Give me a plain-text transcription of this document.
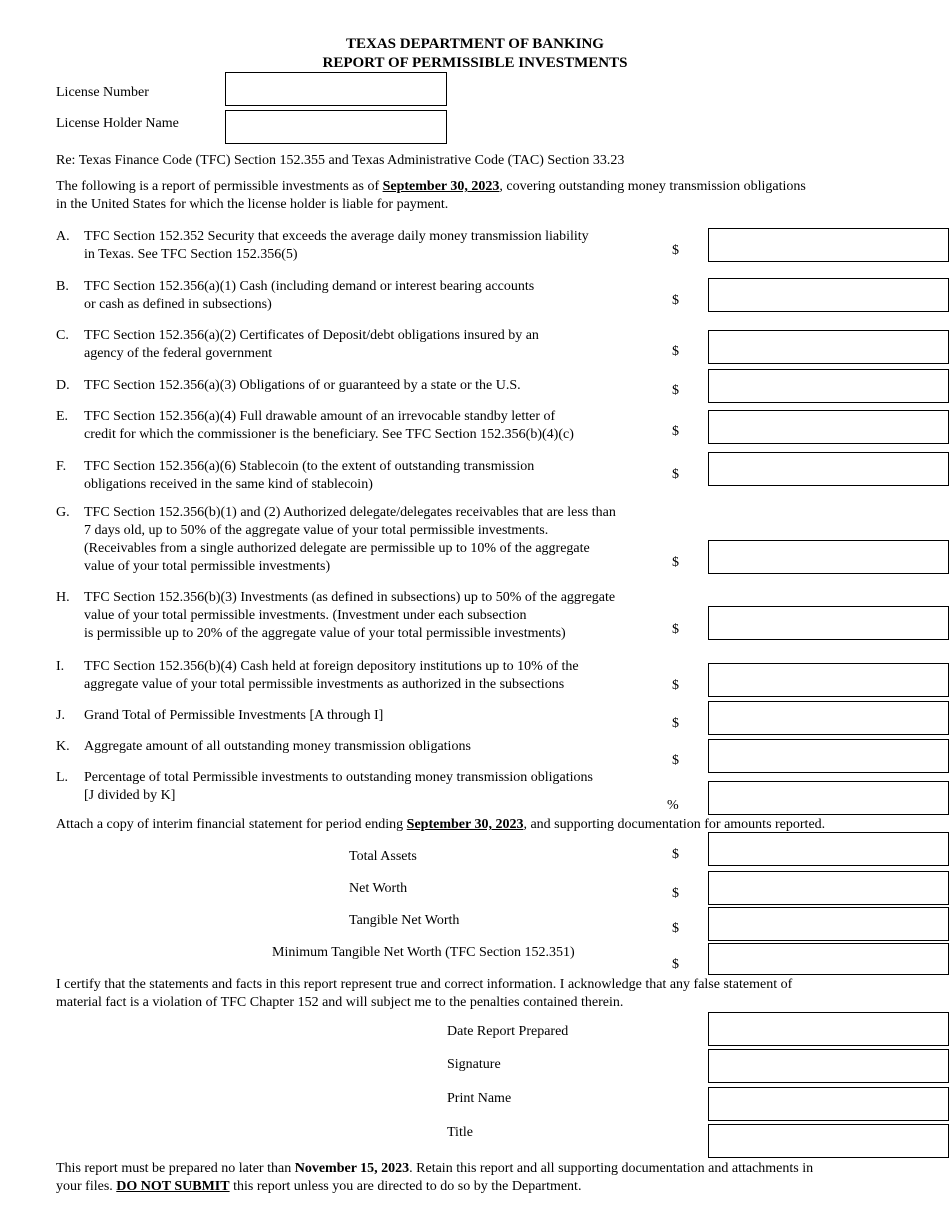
TEXAS DEPARTMENT OF BANKING
REPORT OF PERMISSIBLE INVESTMENTS
License Number
License Holder Name
Re: Texas Finance Code (TFC) Section 152.355 and Texas Administrative Code (TAC) Section 33.23
The following is a report of permissible investments as of September 30, 2023, covering outstanding money transmission obligations
in the United States for which the license holder is liable for payment.
A. TFC Section 152.352 Security that exceeds the average daily money transmission liability
in Texas. See TFC Section 152.356(5)	$
B. TFC Section 152.356(a)(1) Cash (including demand or interest bearing accounts
or cash as defined in subsections)	$
C. TFC Section 152.356(a)(2) Certificates of Deposit/debt obligations insured by an
agency of the federal government	$
D. TFC Section 152.356(a)(3) Obligations of or guaranteed by a state or the U.S.	$
E. TFC Section 152.356(a)(4) Full drawable amount of an irrevocable standby letter of
credit for which the commissioner is the beneficiary. See TFC Section 152.356(b)(4)(c)	$
F. TFC Section 152.356(a)(6) Stablecoin (to the extent of outstanding transmission
obligations received in the same kind of stablecoin)
$
G. TFC Section 152.356(b)(1) and (2) Authorized delegate/delegates receivables that are less than
7 days old, up to 50% of the aggregate value of your total permissible investments.
(Receivables from a single authorized delegate are permissible up to 10% of the aggregate
value of your total permissible investments)	$
H. TFC Section 152.356(b)(3) Investments (as defined in subsections) up to 50% of the aggregate
value of your total permissible investments. (Investment under each subsection
is permissible up to 20% of the aggregate value of your total permissible investments)	$
I. TFC Section 152.356(b)(4) Cash held at foreign depository institutions up to 10% of the
aggregate value of your total permissible investments as authorized in the subsections	$
J. Grand Total of Permissible Investments [A through I]
$
K. Aggregate amount of all outstanding money transmission obligations
$
L. Percentage of total Permissible investments to outstanding money transmission obligations
[J divided by K]
%
Attach a copy of interim financial statement for period ending September 30, 2023, and supporting documentation for amounts reported.
Total Assets	$
Net Worth	$
Tangible Net Worth
$
Minimum Tangible Net Worth (TFC Section 152.351)
$
I certify that the statements and facts in this report represent true and correct information. I acknowledge that any false statement of
material fact is a violation of TFC Chapter 152 and will subject me to the penalties contained therein.
Date Report Prepared
Signature
Print Name
Title
This report must be prepared no later than November 15, 2023. Retain this report and all supporting documentation and attachments in
your files. DO NOT SUBMIT this report unless you are directed to do so by the Department.
